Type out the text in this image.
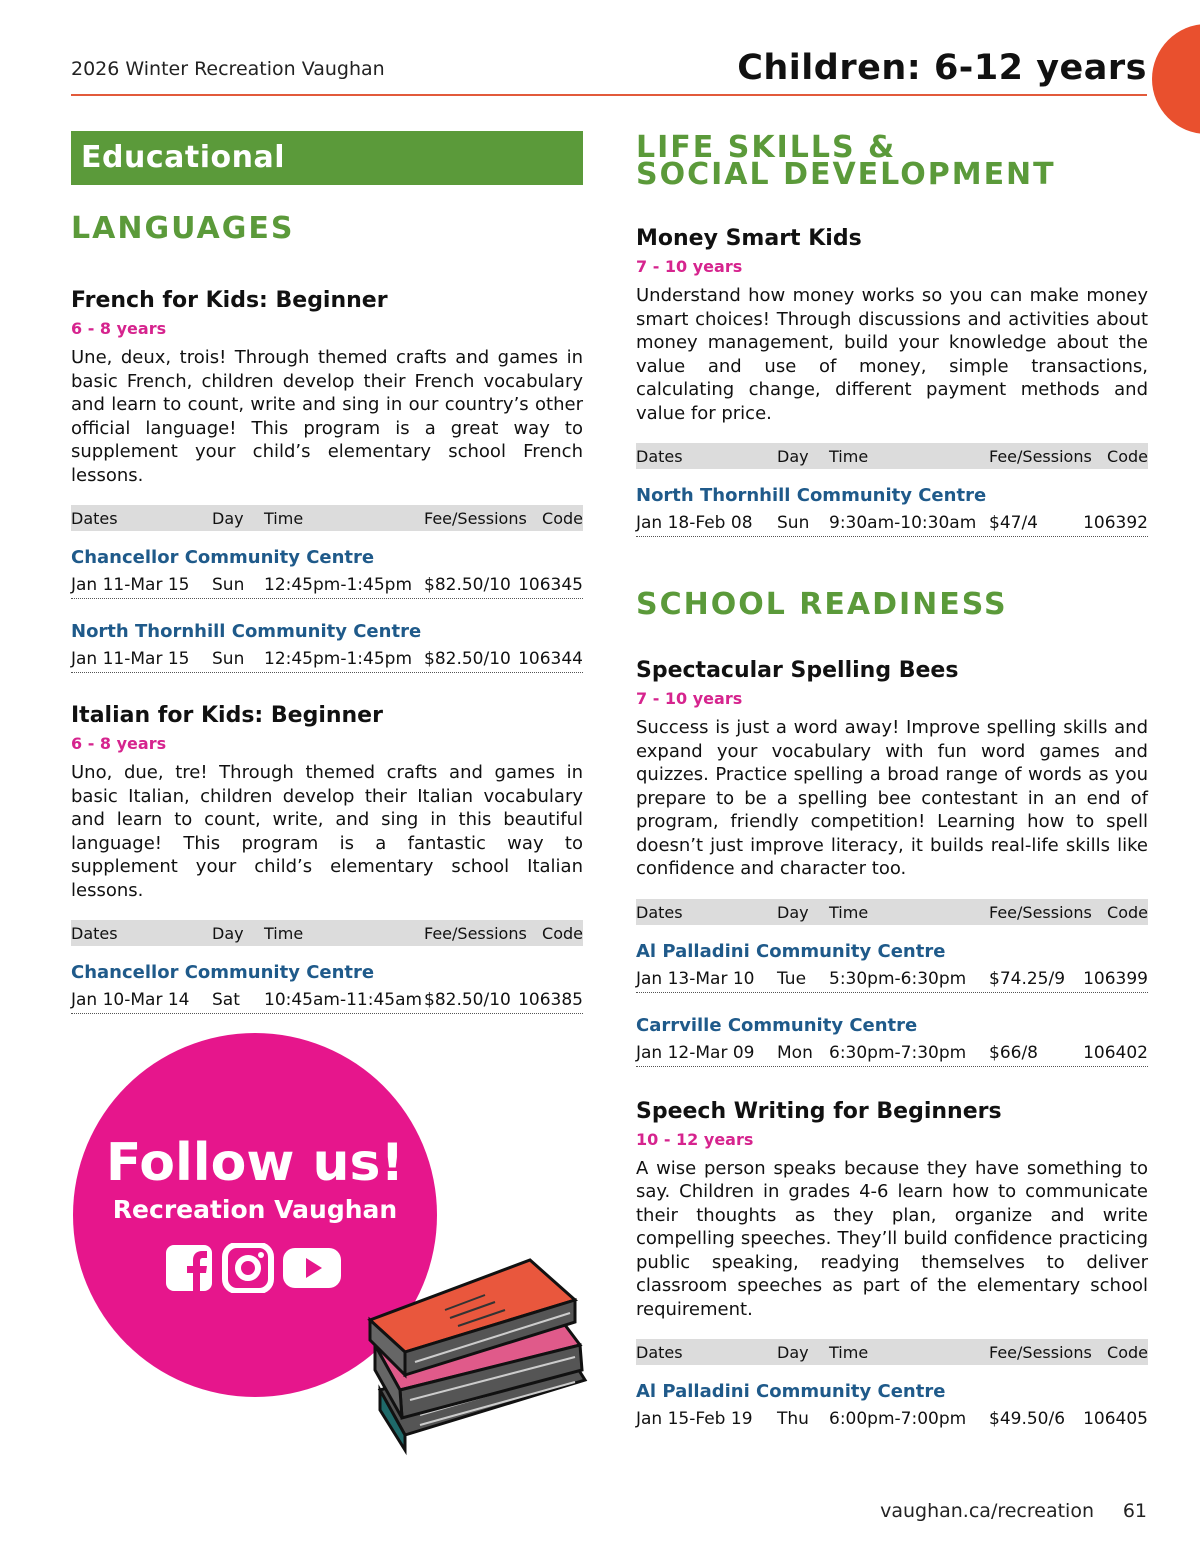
2026 Winter Recreation Vaughan	Children: 6-12 years
Educational
LANGUAGES
French for Kids: Beginner
6 - 8 years
Une, deux, trois! Through themed crafts and games in basic French, children develop their French vocabulary and learn to count, write and sing in our country’s other official language! This program is a great way to supplement your child’s elementary school French lessons.
Dates	Day Time	Fee/Sessions Code
Chancellor Community Centre
Jan 11-Mar 15 Sun 12:45pm-1:45pm $82.50/10 106345
North Thornhill Community Centre
Jan 11-Mar 15 Sun 12:45pm-1:45pm $82.50/10 106344
Italian for Kids: Beginner
6 - 8 years
Uno, due, tre! Through themed crafts and games in basic Italian, children develop their Italian vocabulary and learn to count, write, and sing in this beautiful language! This program is a fantastic way to supplement your child’s elementary school Italian lessons.
Dates	Day Time	Fee/Sessions Code
Chancellor Community Centre
Jan 10-Mar 14 Sat 10:45am-11:45am $82.50/10 106385
Follow us!
Recreation Vaughan
LIFE SKILLS &
SOCIAL DEVELOPMENT
Money Smart Kids
7 - 10 years
Understand how money works so you can make money smart choices! Through discussions and activities about money management, build your knowledge about the value and use of money, simple transactions, calculating change, different payment methods and value for price.
Dates	Day Time	Fee/Sessions Code
North Thornhill Community Centre
Jan 18-Feb 08 Sun 9:30am-10:30am $47/4	106392
SCHOOL READINESS
Spectacular Spelling Bees
7 - 10 years
Success is just a word away! Improve spelling skills and expand your vocabulary with fun word games and quizzes. Practice spelling a broad range of words as you prepare to be a spelling bee contestant in an end of program, friendly competition! Learning how to spell doesn’t just improve literacy, it builds real-life skills like confidence and character too.
Dates	Day Time	Fee/Sessions Code
Al Palladini Community Centre
Jan 13-Mar 10 Tue 5:30pm-6:30pm $74.25/9 106399
Carrville Community Centre
Jan 12-Mar 09 Mon 6:30pm-7:30pm $66/8	106402
Speech Writing for Beginners
10 - 12 years
A wise person speaks because they have something to say. Children in grades 4-6 learn how to communicate their thoughts as they plan, organize and write compelling speeches. They’ll build confidence practicing public speaking, readying themselves to deliver classroom speeches as part of the elementary school requirement.
Dates	Day Time	Fee/Sessions Code
Al Palladini Community Centre
Jan 15-Feb 19 Thu 6:00pm-7:00pm $49.50/6 106405
vaughan.ca/recreation 61
